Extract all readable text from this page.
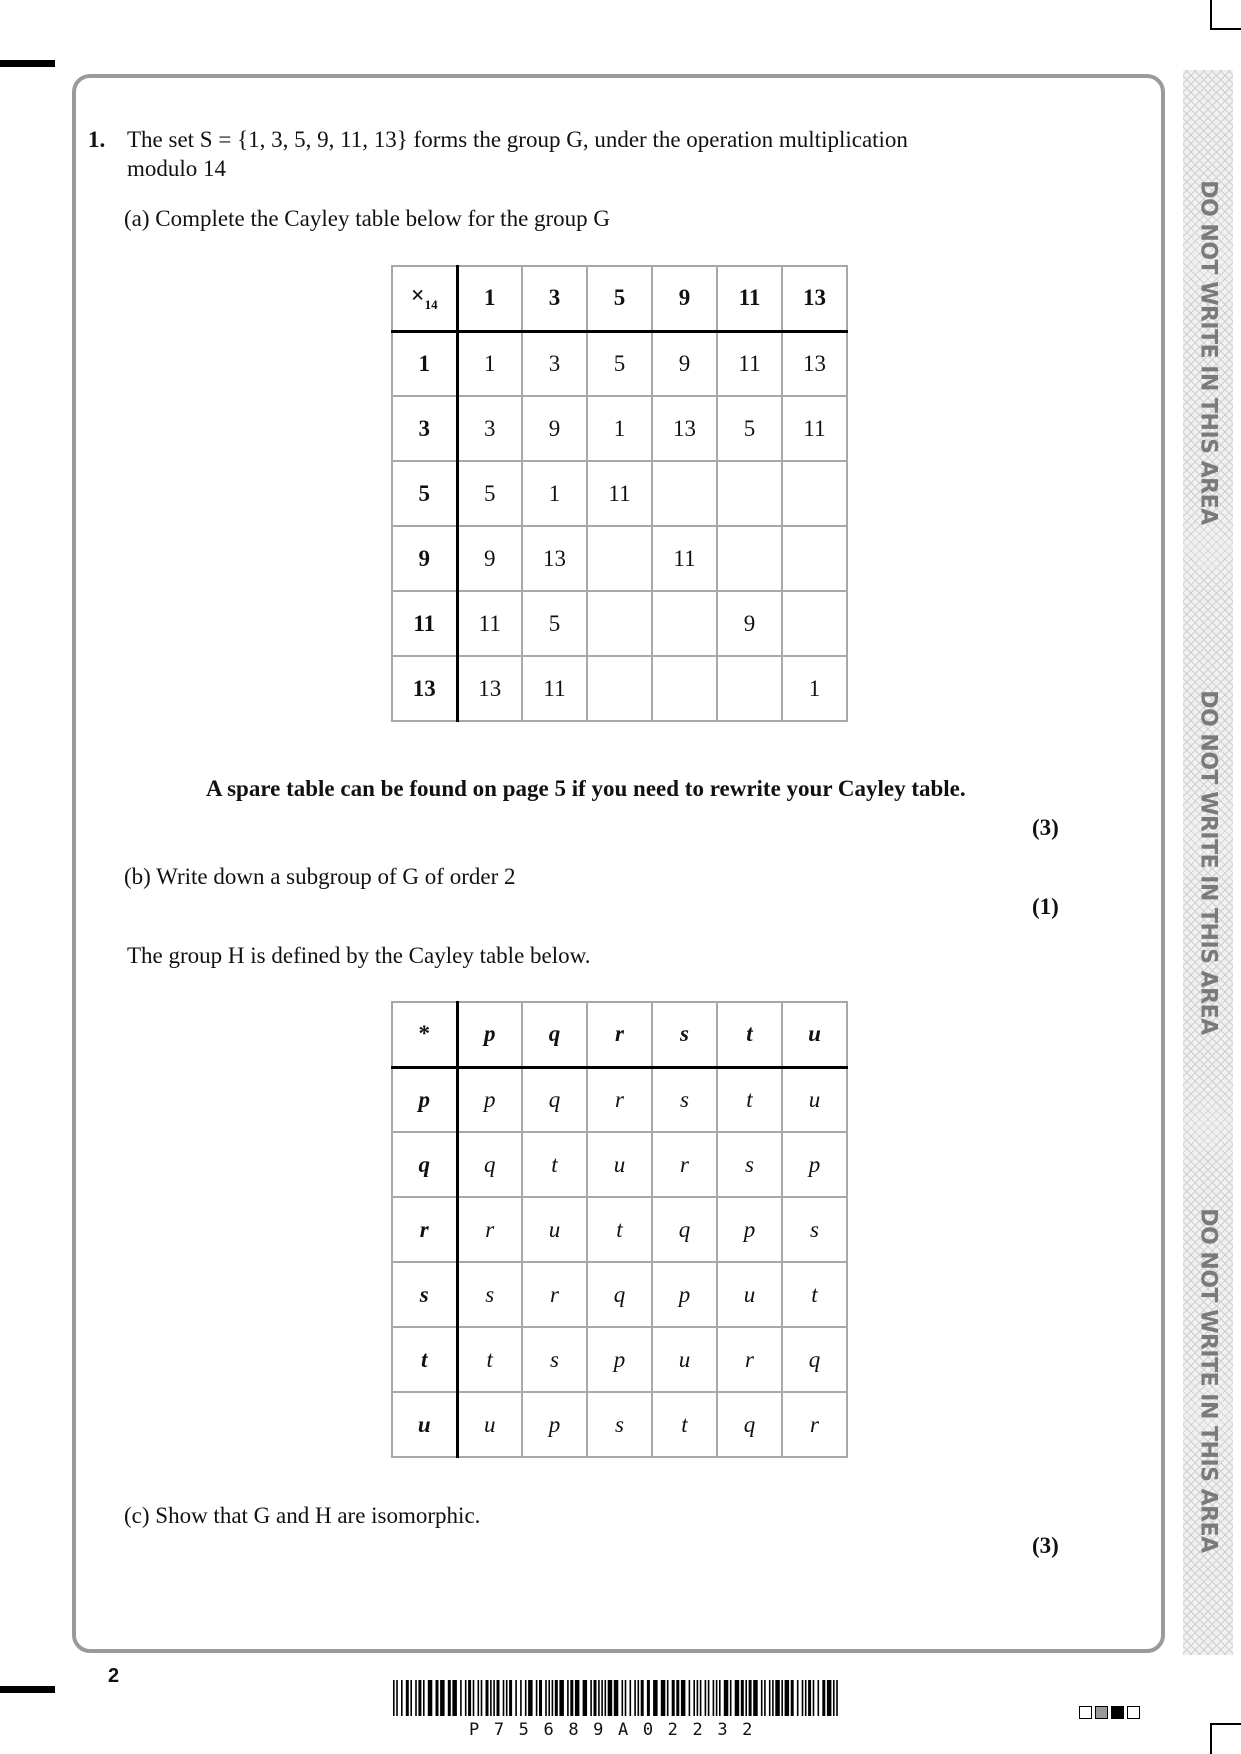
DO NOT WRITE IN THIS AREA
DO NOT WRITE IN THIS AREA
DO NOT WRITE IN THIS AREA
1. The set S = {1, 3, 5, 9, 11, 13} forms the group G, under the operation multiplication
modulo 14
(a) Complete the Cayley table below for the group G
$\times_{14}$	1	3	5	9	11	13
1	1	3	5	9	11	13
3	3	9	1	13	5	11
5	5	1	11			
9	9	13		11		
11	11	5			9	
13	13	11				1
A spare table can be found on page 5 if you need to rewrite your Cayley table.
(3)
(b) Write down a subgroup of G of order 2
(1)
The group H is defined by the Cayley table below.
*	p	q	r	s	t	u
p	p	q	r	s	t	u
q	q	t	u	r	s	p
r	r	u	t	q	p	s
s	s	r	q	p	u	t
t	t	s	p	u	r	q
u	u	p	s	t	q	r
(c) Show that G and H are isomorphic.
(3)
2
P75689A02232
